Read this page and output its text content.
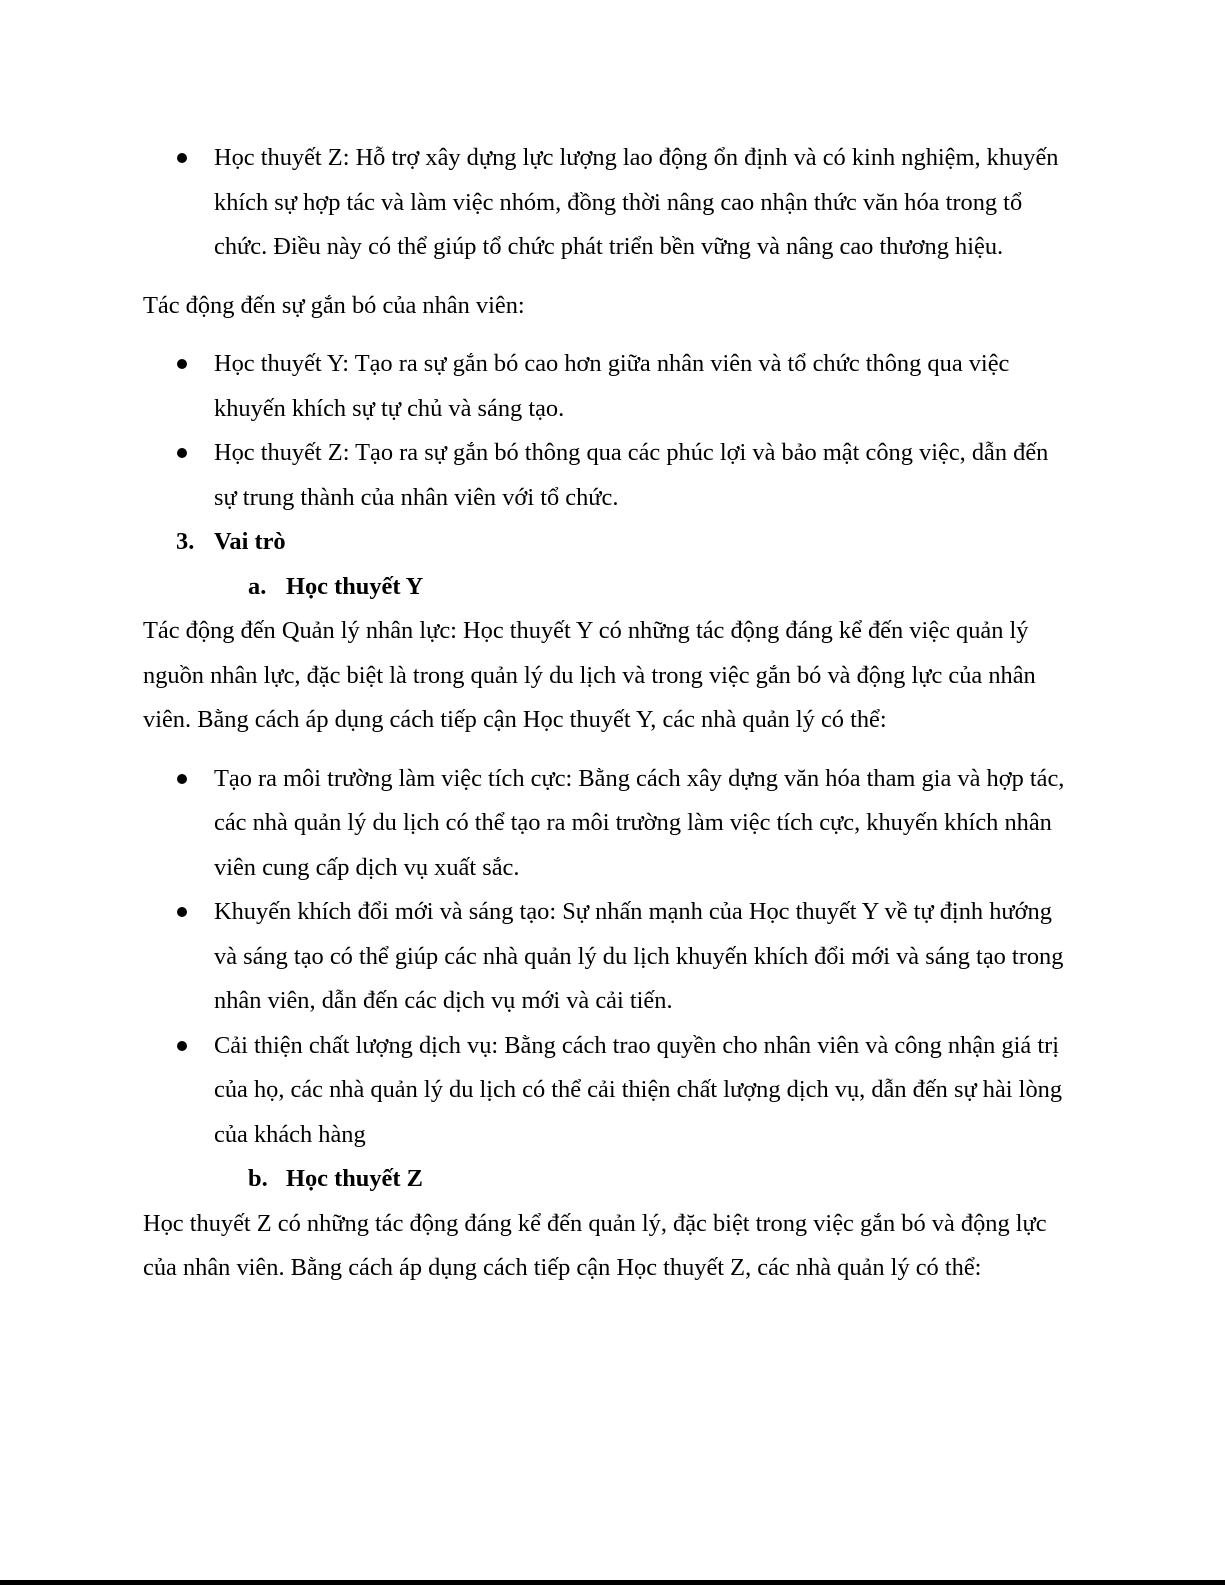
Học thuyết Z: Hỗ trợ xây dựng lực lượng lao động ổn định và có kinh nghiệm, khuyến khích sự hợp tác và làm việc nhóm, đồng thời nâng cao nhận thức văn hóa trong tổ chức. Điều này có thể giúp tổ chức phát triển bền vững và nâng cao thương hiệu.

Tác động đến sự gắn bó của nhân viên:

Học thuyết Y: Tạo ra sự gắn bó cao hơn giữa nhân viên và tổ chức thông qua việc khuyến khích sự tự chủ và sáng tạo.
Học thuyết Z: Tạo ra sự gắn bó thông qua các phúc lợi và bảo mật công việc, dẫn đến sự trung thành của nhân viên với tổ chức.

3. Vai trò

a. Học thuyết Y

Tác động đến Quản lý nhân lực: Học thuyết Y có những tác động đáng kể đến việc quản lý nguồn nhân lực, đặc biệt là trong quản lý du lịch và trong việc gắn bó và động lực của nhân viên. Bằng cách áp dụng cách tiếp cận Học thuyết Y, các nhà quản lý có thể:

Tạo ra môi trường làm việc tích cực: Bằng cách xây dựng văn hóa tham gia và hợp tác, các nhà quản lý du lịch có thể tạo ra môi trường làm việc tích cực, khuyến khích nhân viên cung cấp dịch vụ xuất sắc.
Khuyến khích đổi mới và sáng tạo: Sự nhấn mạnh của Học thuyết Y về tự định hướng và sáng tạo có thể giúp các nhà quản lý du lịch khuyến khích đổi mới và sáng tạo trong nhân viên, dẫn đến các dịch vụ mới và cải tiến.
Cải thiện chất lượng dịch vụ: Bằng cách trao quyền cho nhân viên và công nhận giá trị của họ, các nhà quản lý du lịch có thể cải thiện chất lượng dịch vụ, dẫn đến sự hài lòng của khách hàng

b. Học thuyết Z

Học thuyết Z có những tác động đáng kể đến quản lý, đặc biệt trong việc gắn bó và động lực của nhân viên. Bằng cách áp dụng cách tiếp cận Học thuyết Z, các nhà quản lý có thể:
